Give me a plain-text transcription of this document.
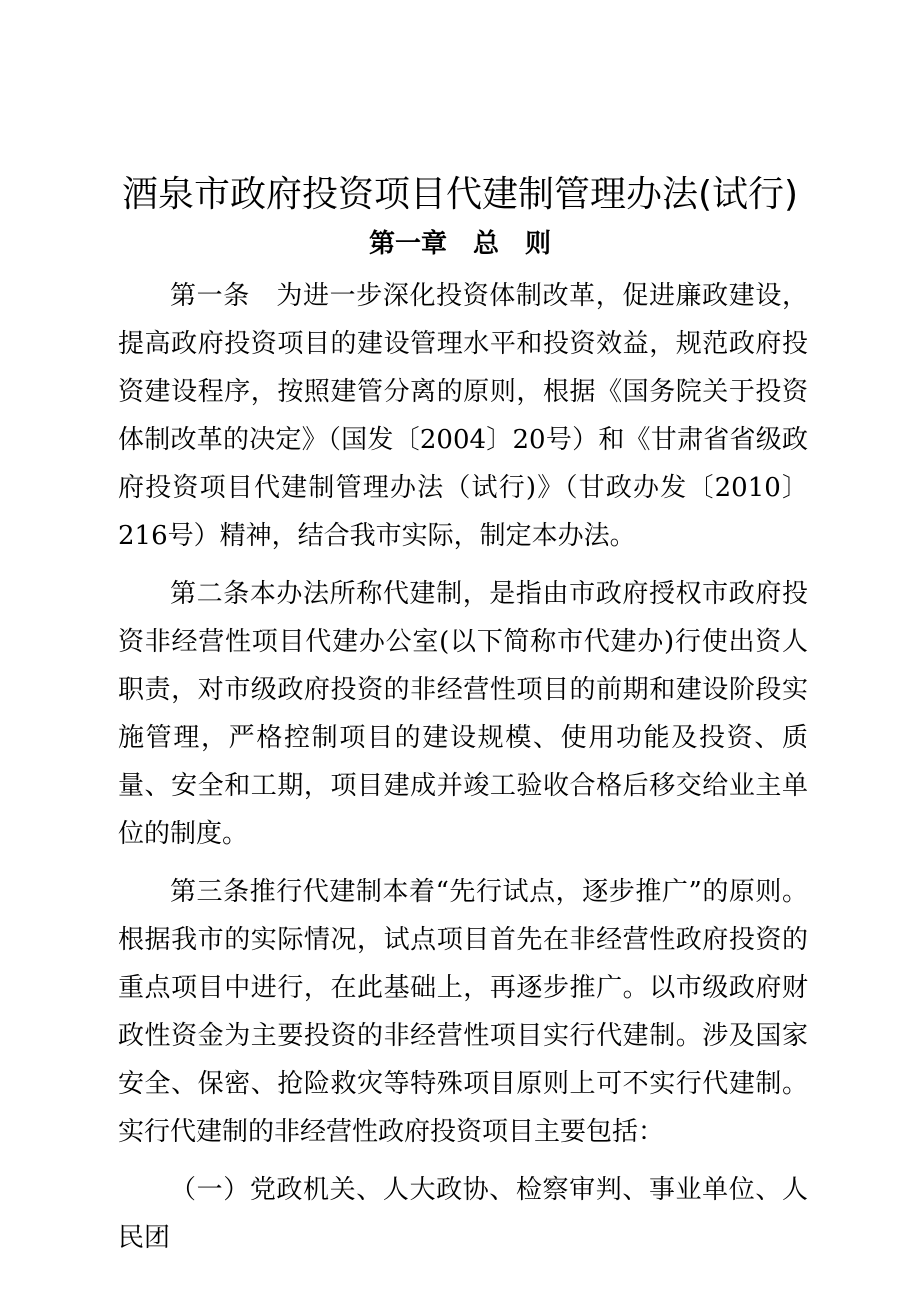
酒泉市政府投资项目代建制管理办法(试行)
第一章　总　则

第一条　为进一步深化投资体制改革，促进廉政建设，提高政府投资项目的建设管理水平和投资效益，规范政府投资建设程序，按照建管分离的原则，根据《国务院关于投资体制改革的决定》（国发〔2004〕20号）和《甘肃省省级政府投资项目代建制管理办法（试行)》（甘政办发〔2010〕216号）精神，结合我市实际，制定本办法。

第二条本办法所称代建制，是指由市政府授权市政府投资非经营性项目代建办公室(以下简称市代建办)行使出资人职责，对市级政府投资的非经营性项目的前期和建设阶段实施管理，严格控制项目的建设规模、使用功能及投资、质量、安全和工期，项目建成并竣工验收合格后移交给业主单位的制度。

第三条推行代建制本着“先行试点，逐步推广”的原则。根据我市的实际情况，试点项目首先在非经营性政府投资的重点项目中进行，在此基础上，再逐步推广。以市级政府财政性资金为主要投资的非经营性项目实行代建制。涉及国家安全、保密、抢险救灾等特殊项目原则上可不实行代建制。实行代建制的非经营性政府投资项目主要包括：

（一）党政机关、人大政协、检察审判、事业单位、人民团
